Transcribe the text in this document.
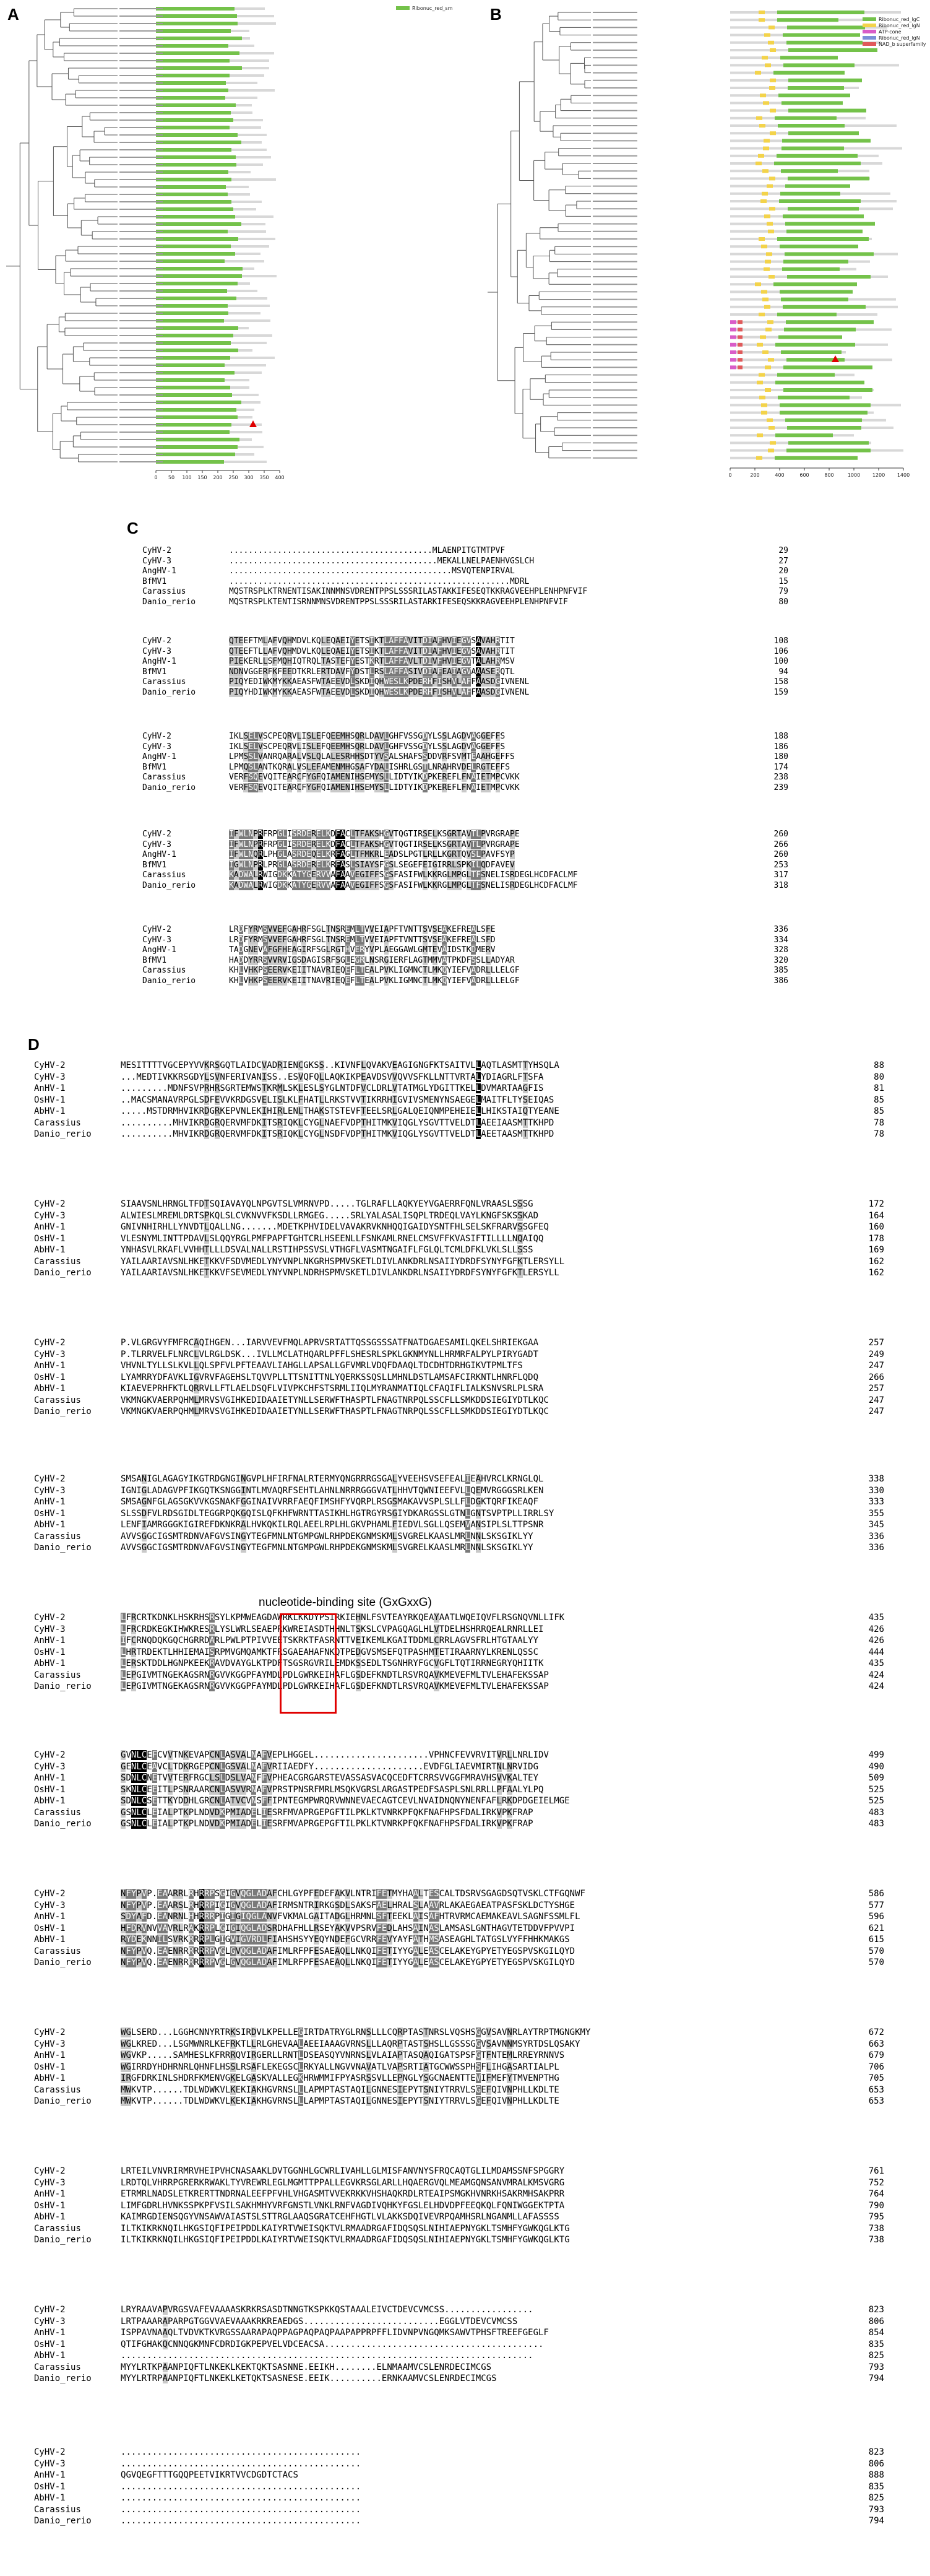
A	B
C
D
0 50 100 150 200 250 300 350 400
Ribonuc_red_sm
0	200	400	600	800	1000 1200 1400
Ribonuc_red_lgC
Ribonuc_red_lgN
ATP-cone
Ribonuc_red_lgN
NAD_b superfamily
CyHV-2	..........................................MLAENPITGTMTPVF	29
CyHV-3	...........................................MEKALLNELPAENHVGSLCH	27
AngHV-1	..............................................MSVQTENPIRVAL	20
BfMV1	..........................................................MDRL	15
Carassius	MQSTRSPLKTRNENTISAKINNMNSVDRENTPPSLSSSRILASTAKKIFESEQTKKRAGVEEHPLENHPNFVIF	79
Danio_rerio	MQSTRSPLKTENTISRNNMNSVDRENTPPSLSSSRILASTARKIFESEQSKKRAGVEEHPLENHPNFVIF	80
CyHV-2	QTEEFTMLAFVQHMDVLKQLEQAEIYETSIKTLAFFAVITDIAFHVIEGVSAVAHRTIT	108
CyHV-3	QTEEFTLLAFVQHMDVLKQLEQAEIYETSIKTLAFFAVITDIAFHVIEGVSAVAHRTIT	106
AngHV-1	PIEKERLLSFMQHIQTRQLTASTEFYESTKRTLAFFAVLTDIVFHVIEGVTALAHRMSV	100
BfMV1	NDNVGGERFKFEEDTKRLERTDAVFYDSTLRSLAFFASIVDIAFEAIAGVAAASERQTL	94
Carassius	PIQYEDIWKMYKKAEASFWTAEEVDLSKDIQHWESLKPDERHFISHVLAFFAASDGIVNENL	158
Danio_rerio	PIQYHDIWKMYKKAEASFWTAEEVDLSKDIQHWESLKPDERHFISHVLAFFAASDGIVNENL	159
CyHV-2	IKLSELVSCPEQRVLISLEFQEEMHSQRLDAVLGHFVSSGDYLSSLAGDVAGGEFFS	188
CyHV-3	IKLSELVSCPEQRVLISLEFQEEMHSQRLDAVLGHFVSSGDYLSSLAGDVAGGEFFS	186
AngHV-1	LPMSSLVANRQARALVSLQLALESRHHSDTYVSALSHAFSSDDVRFSVMTEAAHGEFFS	180
BfMV1	LPMQSLANTKQRALVSLEFAMENMHGSAFYDALISHRLGSTLNRAHRVDELRGTEFFS	174
Carassius	VERFSQEVQITEARCFYGFQIAMENIHSEMYSLLIDTYIKDPKEREFLFNAIETMPCVKK	238
Danio_rerio	VERFSQEVQITEARCFYGFQIAMENIHSEMYSLLIDTYIKDPKEREFLFNAIETMPCVKK	239
CyHV-2	IFWLNPRFRPGLISRDERELKDFACLTFAKSHGVTQGTIRSELKSGRTAVTLPVRGRAPE	260
CyHV-3	IFWLNPRFRPGLISRDERELKDFACLTFAKSHGVTQGTIRSELKSGRTAVTLPVRGRAPE	266
AngHV-1	IFWLNQRLPHGLASRDEQELKRFAGLTFMKRLEADSLPGTLRLLKGRTQVSLPAVFSYP	260
BfMV1	IGWLNPRLPRGLASRDERELKRFASLSIAYSFGSLSEGEFEIGIRRLSPKILQDFAVEV	253
Carassius	KADWALRWIGDKKATYGERVVAFAAVEGIFFSGSFASIFWLKKRGLMPGLTFSNELISRDEGLHCDFACLMF	317
Danio_rerio	KADWALRWIGDKKATYGERVVAFAAVEGIFFSGSFASIFWLKKRGLMPGLTFSNELISRDEGLHCDFACLMF	318
CyHV-2	LRDFYRMSVVEFGAHRFSGLTNSREMLTVVEIAPFTVNTTSVSEAKEFREALSFE	336
CyHV-3	LRDFYRMSVVEFGAHRFSGLTNSREMLTVVEIAPFTVNTTSVSEAKEFREALSFD	334
AngHV-1	TADGNEVAFGFHEAGIRFSGLRGTHVERYVPLAEGGAWLGMTEVAIDSTKDMERV	328
BfMV1	HADDYRRSVVRVIGSDAGISRFSGLEGRLNSRGIERFLAGTMMVATPKDFSSLLADYAR	320
Carassius	KHLVHKPSEERVKEIITNAVRIEQEFLTEALPVKLIGMNCTLMKQYIEFVADRLLLELGF	385
Danio_rerio	KHLVHKPSEERVKEIITNAVRIEQEFLTEALPVKLIGMNCTLMKQYIEFVADRLLLELGF	386
CyHV-2	MESITTTTVGCEPYVVKRSGQTLAIDCVADRIENCGKSS..KIVNFLQVAKVEAGIGNGFKTSAITVLLAQTLASMTTYHSQLA	88
CyHV-3	...MEDTIVKKRSGDYLSVNFERIVANISS..ESVQFQLLAQKIKPEAVDSVVQVVSFKLLNTTVRTALYDIAGRLFTSFA	80
AnHV-1	.........MDNFSVPRHRSGRTEMWSTKRMLSKLESLSYGLNTDFVCLDRLVTATMGLYDGITTKELLDVMARTAAGFIS	81
OsHV-1	..MACSMANAVRPGLSDFEVVKRDGSVELISLKLFHATLLRKSTVVTIKRRHIGVIVSMENYNSAEGELMAITFLTYSEIQAS	85
AbHV-1	.....MSTDRMHVIKRDGRKEPVNLEKIHIRLENLTHAKSTSTEVFTEELSRLGALQEIQNMPEHEIELLHIKSTAIQTYEANE	85
Carassius	..........MHVIKRDGRQERVMFDKITSRIQKLCYGLNAEFVDPTHITMKVIQGLYSGVTTVELDTLAEEIAASMTTKHPD	78
Danio_rerio	..........MHVIKRDGRQERVMFDKITSRIQKLCYGLNSDFVDPTHITMKVIQGLYSGVTTVELDTLAEETAASMTTKHPD	78
CyHV-2	SIAAVSNLHRNGLTFDTSQIAVAYQLNPGVTSLVMRNVPD.....TGLRAFLLAQKYEYVGAERRFQNLVRAASLSSSG	172
CyHV-3	ALWIESLMREMLDRTSPKQLSLCVKNVVFKSDLLRMGEG.....SRLYALASALISQPLTRDEQLVAYLKNGFSKSSKAD	164
AnHV-1	GNIVNHIRHLLYNVDTLQALLNG.......MDETKPHVIDELVAVAKRVKNHQQIGAIDYSNTFHLSELSKFRARVSSGFEQ	160
OsHV-1	VLESNYMLINTTPDAVLSLQQYRGLPMFPAPFTGHTCRLHSEENLLFSNKAMLRNELCMSVFFKVASIFTILLLLNQAIQQ	178
AbHV-1	YNHASVLRKAFLVVHHTLLLDSVALNALLRSTIHPSSVSLVTHGFLVASMTNGAIFLFGLQLTCMLDFKLVKLSLLSSS	169
Carassius	YAILAARIAVSNLHKETKKVFSDVMEDLYNYVNPLNKGRHSPMVSKETLDIVLANKDRLNSAIIYDRDFSYNYFGFKTLERSYLL	162
Danio_rerio	YAILAARIAVSNLHKETKKVFSEVMEDLYNYVNPLNDRHSPMVSKETLDIVLANKDRLNSAIIYDRDFSYNYFGFKTLERSYLL	162
CyHV-2	P.VLGRGVYFMFRCAQIHGEN...IARVVEVFMQLAPRVSRTATTQSSGSSSATFNATDGAESAMILQKELSHRIEKGAA	257
CyHV-3	P.TLRRVELFLNRCLVLRGLDSK...IVLLMCLATHQARLPFFLSHESRLSPKLGKNMYNLLHRMRFALPYLPIRYGADT	249
AnHV-1	VHVNLTYLLSLKVLLQLSPFVLPFTEAAVLIAHGLLAPSALLGFVMRLVDQFDAAQLTDCDHTDRHGIKVTPMLTFS	247
OsHV-1	LYAMRRYDFAVKLIGVRVFAGEHSLTQVVPLLTTSNITTNLYQERKSSQSLLMHNLDSTLAMSAFCIRKNTLHNRFLQDQ	266
AbHV-1	KIAEVEPRHFKTLQRRVLLFTLAELDSQFLVIVPKCHFSTSRMLIIQLMYRANMATIQLCFAQIFLIALKSNVSRLPLSRA	257
Carassius	VKMNGKVAERPQHMLMRVSVGIHKEDIDAAIETYNLLSERWFTHASPTLFNAGTNRPQLSSCFLLSMKDDSIEGIYDTLKQC	247
Danio_rerio	VKMNGKVAERPQHMLMRVSVGIHKEDIDAAIETYNLLSERWFTHASPTLFNAGTNRPQLSSCFLLSMKDDSIEGIYDTLKQC	247
CyHV-2	SMSANIGLAGAGYIKGTRDGNGINGVPLHFIRFNALRTERMYQNGRRRGSGALYVEEHSVSEFEALIEAHVRCLKRNGLQL	338
CyHV-3	IGNIGLADAGVPFIKGQTKSNGGINTLMVAQRFSEHTLAHNLNRRRGGGVATLHHVTQWNIEEFVLLQEMVRGGGSRLKEN	330
AnHV-1	SMSAGNFGLAGSGKVVKGSNAKFGGINAIVVRRFAEQFIMSHFYVQRPLRSGSMAKAVVSPLSLLFLDGKTQRFIKEAQF	333
OsHV-1	SLSSDFVLRDSGIDLTEGGRPQKGQISLQFKHFWRNTTASIKHLHGTRGYRSGIYDKARGSSLGTNLGNTSVPTPLLIRRLSY	355
AbHV-1	LENFIAMRGGGKIGIREFDKNKRALHVKQKILRQLAEELRPLHLGKVPHAMLFIEDVLSGLLQSEMVANSIPLSLTTPSNR	345
Carassius	AVVSGGCIGSMTRDNVAFGVSINGYTEGFMNLNTGMPGWLRHPDEKGNMSKMLSVGRELKAASLMRLNNLSKSGIKLYY	336
Danio_rerio	AVVSGGCIGSMTRDNVAFGVSINGYTEGFMNLNTGMPGWLRHPDEKGNMSKMLSVGRELKAASLMRLNNLSKSGIKLYY	336
CyHV-2	LFRCRTKDNKLHSKRHSRSYLKPMWEAGDAWRKLKKDYPSIRKIEHNLFSVTEAYRKQEAYAATLWQEIQVFLRSGNQVNLLIFK	435
CyHV-3	LFRCRDKEGKIHWKRESRLYSLWRLSEAEPRKWREIASDTHHNLTSKSLCVPAGQAGLHLVTDELHSHRRQEALRNRLLEI	426
AnHV-1	IFCRNQDQKGQCHGRRDARLPWLPTPIVVEETSKRKTFASRNTTVEIKEMLKGAITDDMLCRRLAGVSFRLHTGTAALYY	426
OsHV-1	LHRTRDEKTLHHIEMAISRPMVGMQAMKTFRSGAEAHAFNKQTPEDGVSMSEFQTPASHMTETIRAARNYLKRENLQSSC	444
AbHV-1	LERSKTDDLHGNPKEEKRAVDVAYGLKTPDFTSGSRGVRILEMDKSSEDLTSGNHRYFGCVGFLTQTIRRNEGRYQHIITK	435
Carassius	LEPGIVMTNGEKAGSRNRGVVKGGPFAYMDLPDLGWRKEIHAFLGSDEFKNDTLRSVRQAVKMEVEFMLTVLEHAFEKSSAP	424
Danio_rerio	LEPGIVMTNGEKAGSRNRGVVKGGPFAYMDLPDLGWRKEIHAFLGSDEFKNDTLRSVRQAVKMEVEFMLTVLEHAFEKSSAP	424
CyHV-2	GVNLCEFCVVTNKEVAPCNLASVALNAFVEPLHGGEL......................VPHNCFEVVRVITVRLLNRLIDV	499
CyHV-3	GENLCEAVCLTDKRGEPCNLGSVALNAFVRIIAEDFY.....................EVDFGLIAEVMIRTNLNRVIDG	490
AnHV-1	SDNLCNETVVTERFRGCLSLDSLVANFFVPHEACGRGARSTEVASSASVACQCEDFTCRRSVVGGFMRAVHSVVKALTEY	509
OsHV-1	SKNLCEEITLPSNRAARCNLASVVRNAFVPRSTPNSRFMRLMSQKVGRSLARGASTPEDFSASPLSNLRRLLPFAALYLPQ	525
AbHV-1	SDNLCSETTKYDDHLGRCNLATVCVNSFFIPNTEGMPWRQRVWNNEVAECAGTCEVLNVAIDNQNYNENFAFLRKDPDGEIELMGE	525
Carassius	GSNLCLEIALPTKPLNDVDKPMIADELIESRFMVAPRGEPGFTILPKLKTVNRKPFQKFNAFHPSFDALIRKVPKFRAP	483
Danio_rerio	GSNLCLEIALPTKPLNDVDKPMIADELIESRFMVAPRGEPGFTILPKLKTVNRKPFQKFNAFHPSFDALIRKVPKFRAP	483
CyHV-2	NFYPVP.EAARRLRHRRPSGIGVQGLADAFCHLGYPFEDEFAKVLNTRIFETMYHAALTESCALTDSRVSGAGDSQTVSKLCTFGQNWF	586
CyHV-3	NFYPVP.EAARSLRHRRPIGIGVQGLADAFIRMSNTRIRKGSDLSAKSFAELHRALSLAAVRLAKAEGAEATPASFSKLDCTYSHGE	577
AnHV-1	SDYAFD.EANRNLHHRRRPIGIGIQGLANVFVKMALGAITADGLHRMNLSFTEEKLAISAFHTRVRMCAEMAKEAVLSAGNFSSMLFL	596
OsHV-1	HFDRVNVVAVRLRAKRRPLGIGIQGLADSRDHAFHLLRSEYAKVVPSRVFEDLAHSAINASLAMSASLGNTHAGVTETDDVFPVVPI	621
AbHV-1	RYDEKNNILSVRKRRRPLGIGVIGVRDLFIAHSHSYYEQYNDEFGCVRRFEVYAYFATHMSASEAGHLTATGSLVYFFHHKMAKGS	615
Carassius	NFYPVQ.EAENRRRRRRPVGLGVQGLADAFIMLRFPFESAEAQLLNKQIFETIYYGALEASCELAKEYGPYETYEGSPVSKGILQYD	570
Danio_rerio	NFYPVQ.EAENRRRRRRPVGLGVQGLADAFIMLRFPFESAEAQLLNKQIFETIYYGALEASCELAKEYGPYETYEGSPVSKGILQYD	570
CyHV-2	WGLSERD...LGGHCNNYRTRKSIRDVLKPELLEGIRTDATRYGLRNSLLLCQRPTASTNRSLVQSHSGGVSAVNRLAYTRPTMGNGKMY	672
CyHV-3	WGLKRED...LSGMWNRLKEFRKTLLRLGHEVAALAEEIAAAGVRNSLLLAQRPTASTSHSLLGSSSGGVSAVNNMSYRTDSLQSAKY	663
AnHV-1	WGVKP.....SAMHESLKFRRRQVIRGERLLRNTLDSEASQYVNRNSLVLAIAPTASQAQIGATSPSFGTFNTEMLRREYRNNVS	679
OsHV-1	WGIRRDYHDHRNRLQHNFLHSSLRSAFLEKEGSCLRKYALLNGVVNAVATLVAPSRTIATGCWWSSPHSFLIHGASARTIALPL	706
AbHV-1	IRGFDRKINLSHDRFKMENVGKELGASKVALLEGKHRWMMIFPYASRSSVLLEPNGLYSGCNAENTTEVIFMEFYTMVENPTHG	705
Carassius	MWKVTP......TDLWDWKVLKEKIAKHGVRNSLLLAPMPTASTAQILGNNESIEPYTSNIYTRRVLSGEFQIVNPHLLKDLTE	653
Danio_rerio	MWKVTP......TDLWDWKVLKEKIAKHGVRNSLLLAPMPTASTAQILGNNESIEPYTSNIYTRRVLSGEFQIVNPHLLKDLTE	653
CyHV-2	LRTEILVNVRIRMRVHEIPVHCNASAAKLDVTGGNHLGCWRLIVAHLLGLMISFANVNYSFRQCAQTGLILMDAMSSNFSPGGRY	761
CyHV-3	LRDTQLVHRRPGRERKRWAKLTYVREWRLEGLMGMTTPPALLEGVKRSGLARLLHQAERGVQLMEAMGQNSANVMRALKMSVGRG	752
AnHV-1	ETRMRLNADSLETKRERTTNDRNALEEFPFVHLVHGASMTVVEKRKKVHSHAQKRDLRTEAIPSMGKHVNRKHSAKRMHSAKPRR	764
OsHV-1	LIMFGDRLHVNKSSPKPFVSILSAKHMHYVRFGNSTLVNKLRNFVAGDIVQHKYFGSLELHDVDPFEEQKQLFQNIWGGEKTPTA	790
AbHV-1	KAIMRGDIENSQGYVNSAWVAIASTSLSTTRGLAAQSGRATCEHFHGTLVLAKKSDQIVEVRPQAMHSRLNGANMLLAFASSSS	795
Carassius	ILTKIKRKNQILHKGSIQFIPEIPDDLKAIYRTVWEISQKTVLRMAADRGAFIDQSQSLNIHIAEPNYGKLTSMHFYGWKQGLKTG	738
Danio_rerio	ILTKIKRKNQILHKGSIQFIPEIPDDLKAIYRTVWEISQKTVLRMAADRGAFIDQSQSLNIHIAEPNYGKLTSMHFYGWKQGLKTG	738
CyHV-2	LRYRAAVAPVRGSVAFEVAAAASKRKRSASDTNNGTKSPKKQSTAAALEIVCTDEVCVMCSS.................	823
CyHV-3	LRTPAAARAPARPGTGGVVAEVAAAKRKREAEDGS..........................EGGLVTDEVCVMCSS	806
AnHV-1	ISPPAVNAAQLTVDVKTKVRGSSAARAPAQPPAGPAQPAQPAAPAPPRPFFLIDVNPVNGQMKSAWVTPHSFTREEFGEGLF	854
OsHV-1	QTIFGHAKQCNNQGKMNFCDRDIGKPEPVELVDCEACSA..........................................	835
AbHV-1	...............................................................................	825
Carassius	MYYLRTKPAANPIQFTLNKEKLKEKTQKTSASNNE.EEIKH........ELNMAAMVCSLENRDECIMCGS	793
Danio_rerio	MYYLRTRPAANPIQFTLNKEKLKETQKTSASNESE.EEIK..........ERNKAAMVCSLENRDECIMCGS	794
CyHV-2	..............................................	823
CyHV-3	..............................................	806
AnHV-1	QGVQEGFTTTGQQPEETVIKRTVVCDGDTCTACS	888
OsHV-1	..............................................	835
AbHV-1	..............................................	825
Carassius	..............................................	793
Danio_rerio	..............................................	794
nucleotide-binding site (GxGxxG)
